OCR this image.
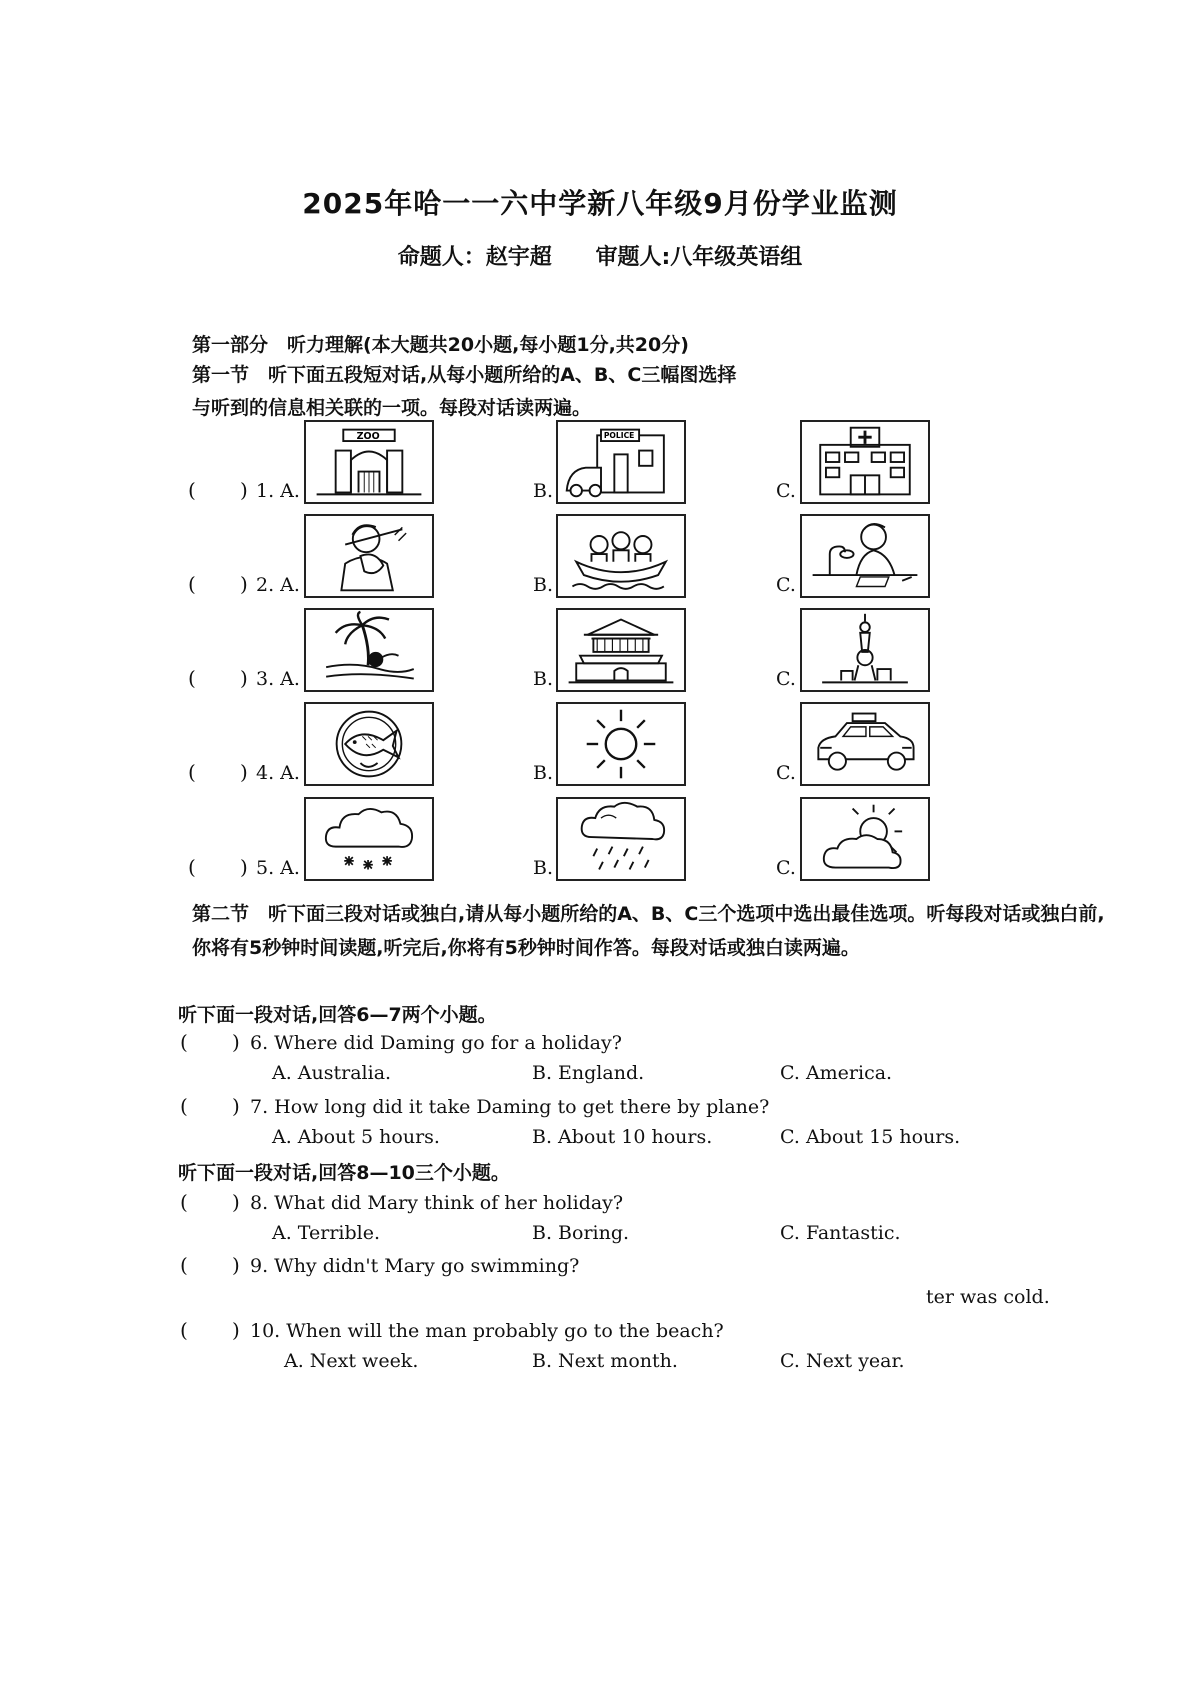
2025年哈一一六中学新八年级9月份学业监测
命题人：赵宇超 审题人:八年级英语组
第一部分　听力理解(本大题共20小题,每小题1分,共20分)
第一节　听下面五段短对话,从每小题所给的A、B、C三幅图选择
与听到的信息相关联的一项。每段对话读两遍。
( ) 1. A.	B.	C.
ZOO	POLICE
( ) 2. A.	B.	C.
( ) 3. A.	B.	C.
( ) 4. A.	B.	C.
( ) 5. A.	B.	C.
第二节　听下面三段对话或独白,请从每小题所给的A、B、C三个选项中选出最佳选项。听每段对话或独白前,你将有5秒钟时间读题,听完后,你将有5秒钟时间作答。每段对话或独白读两遍。
听下面一段对话,回答6—7两个小题。
( ) 6. Where did Daming go for a holiday?
A. Australia.	B. England.	C. America.
( ) 7. How long did it take Daming to get there by plane?
A. About 5 hours.	B. About 10 hours.	C. About 15 hours.
听下面一段对话,回答8—10三个小题。
( ) 8. What did Mary think of her holiday?
A. Terrible.	B. Boring.	C. Fantastic.
( ) 9. Why didn't Mary go swimming?
ter was cold.
( ) 10. When will the man probably go to the beach?
A. Next week.	B. Next month.	C. Next year.
